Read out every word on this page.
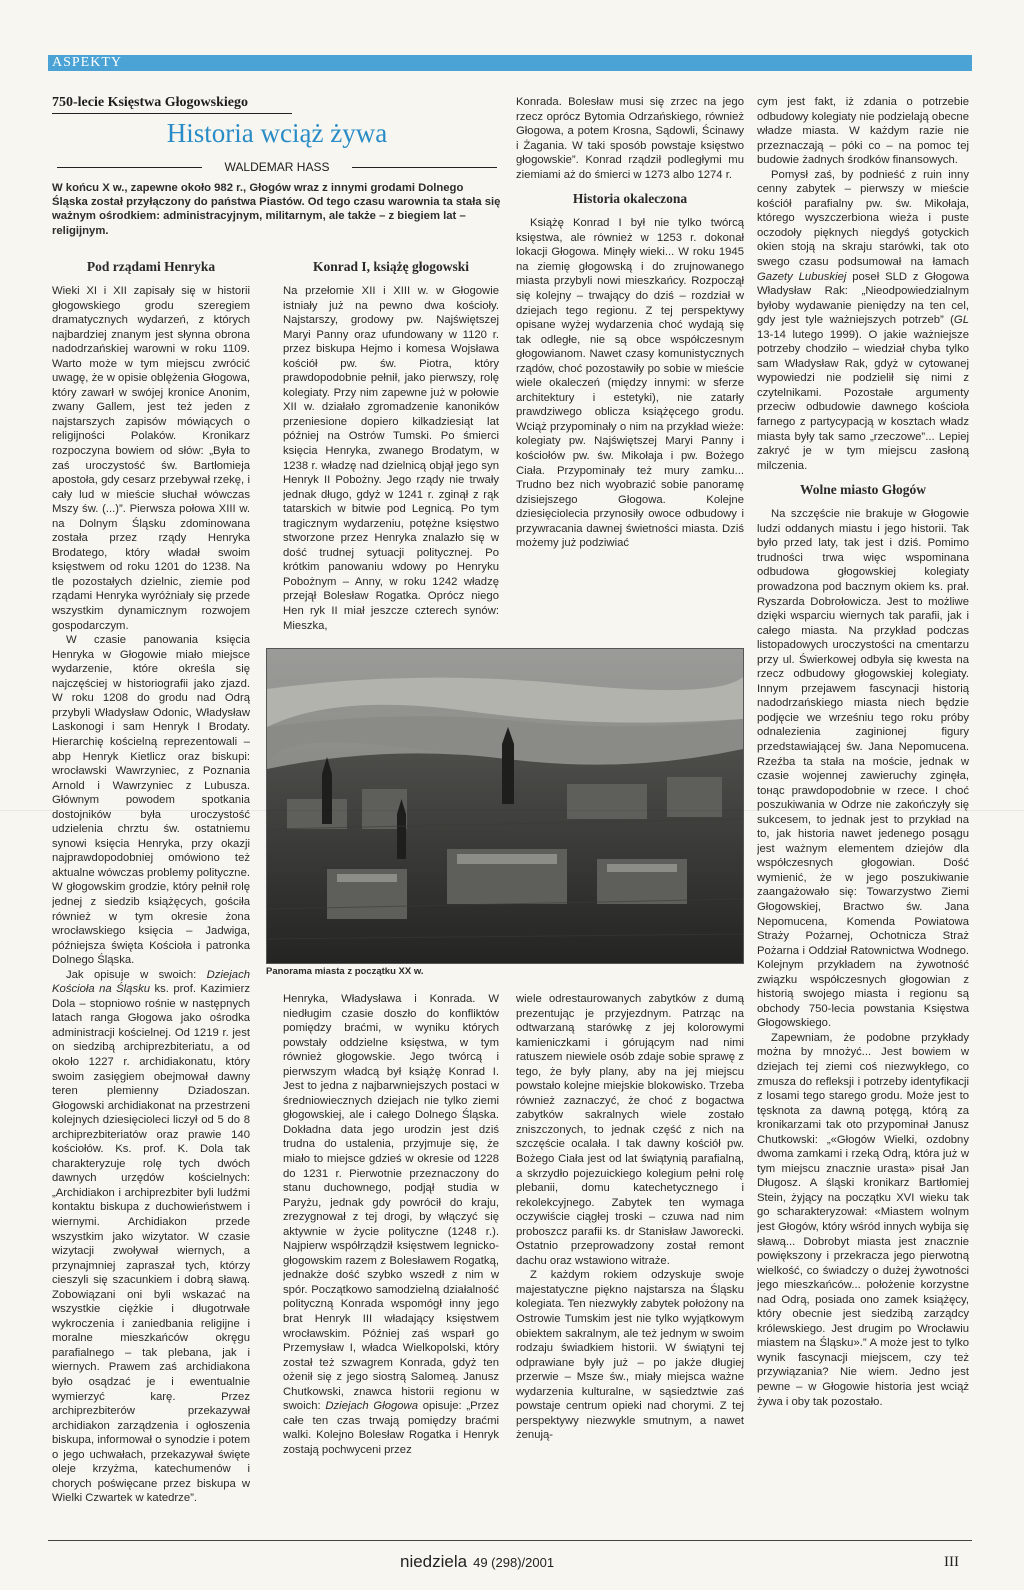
ASPEKTY
750-lecie Księstwa Głogowskiego
Historia wciąż żywa
WALDEMAR HASS
W końcu X w., zapewne około 982 r., Głogów wraz z innymi grodami Dolnego Śląska został przyłączony do państwa Piastów. Od tego czasu warownia ta stała się ważnym ośrodkiem: administracyjnym, militarnym, ale także – z biegiem lat – religijnym.
Pod rządami Henryka

Wieki XI i XII zapisały się w historii głogowskiego grodu szeregiem dramatycznych wydarzeń, z których najbardziej znanym jest słynna obrona nadodrzańskiej warowni w roku 1109. Warto może w tym miejscu zwrócić uwagę, że w opisie oblężenia Głogowa, który zawarł w swójej kronice Anonim, zwany Gallem, jest też jeden z najstarszych zapisów mówiących o religijności Polaków. Kronikarz rozpoczyna bowiem od słów: „Była to zaś uroczystość św. Bartłomieja apostoła, gdy cesarz przebywał rzekę, i cały lud w mieście słuchał wówczas Mszy św. (...)”. Pierwsza połowa XIII w. na Dolnym Śląsku zdominowana została przez rządy Henryka Brodatego, który władał swoim księstwem od roku 1201 do 1238. Na tle pozostałych dzielnic, ziemie pod rządami Henryka wyróżniały się przede wszystkim dynamicznym rozwojem gospodarczym.

W czasie panowania księcia Henryka w Głogowie miało miejsce wydarzenie, które określa się najczęściej w historiografii jako zjazd. W roku 1208 do grodu nad Odrą przybyli Władysław Odonic, Władysław Laskonogi i sam Henryk I Brodaty. Hierarchię kościelną reprezentowali – abp Henryk Kietlicz oraz biskupi: wrocławski Wawrzyniec, z Poznania Arnold i Wawrzyniec z Lubusza. Głównym powodem spotkania dostojników była uroczystość udzielenia chrztu św. ostatniemu synowi księcia Henryka, przy okazji najprawdopodobniej omówiono też aktualne wówczas problemy polityczne. W głogowskim grodzie, który pełnił rolę jednej z siedzib książęcych, gościła również w tym okresie żona wrocławskiego księcia – Jadwiga, późniejsza święta Kościoła i patronka Dolnego Śląska.

Jak opisuje w swoich: Dziejach Kościoła na Śląsku ks. prof. Kazimierz Dola – stopniowo rośnie w następnych latach ranga Głogowa jako ośrodka administracji kościelnej. Od 1219 r. jest on siedzibą archiprezbiteriatu, a od około 1227 r. archidiakonatu, który swoim zasięgiem obejmował dawny teren plemienny Dziadoszan. Głogowski archidiakonat na przestrzeni kolejnych dziesięcioleci liczył od 5 do 8 archiprezbiteriatów oraz prawie 140 kościołów. Ks. prof. K. Dola tak charakteryzuje rolę tych dwóch dawnych urzędów kościelnych: „Archidiakon i archiprezbiter byli ludźmi kontaktu biskupa z duchowieństwem i wiernymi. Archidiakon przede wszystkim jako wizytator. W czasie wizytacji zwoływał wiernych, a przynajmniej zapraszał tych, którzy cieszyli się szacunkiem i dobrą sławą. Zobowiązani oni byli wskazać na wszystkie ciężkie i długotrwałe wykroczenia i zaniedbania religijne i moralne mieszkańców okręgu parafialnego – tak plebana, jak i wiernych. Prawem zaś archidiakona było osądzać je i ewentualnie wymierzyć karę. Przez archiprezbiterów przekazywał archidiakon zarządzenia i ogłoszenia biskupa, informował o synodzie i potem o jego uchwałach, przekazywał święte oleje krzyżma, katechumenów i chorych poświęcane przez biskupa w Wielki Czwartek w katedrze”.

Konrad I, książę głogowski

Na przełomie XII i XIII w. w Głogowie istniały już na pewno dwa kościoły. Najstarszy, grodowy pw. Najświętszej Maryi Panny oraz ufundowany w 1120 r. przez biskupa Hejmo i komesa Wojsława kościół pw. św. Piotra, który prawdopodobnie pełnił, jako pierwszy, rolę kolegiaty. Przy nim zapewne już w połowie XII w. działało zgromadzenie kanoników przeniesione dopiero kilkadziesiąt lat później na Ostrów Tumski. Po śmierci księcia Henryka, zwanego Brodatym, w 1238 r. władzę nad dzielnicą objął jego syn Henryk II Pobożny. Jego rządy nie trwały jednak długo, gdyż w 1241 r. zginął z rąk tatarskich w bitwie pod Legnicą. Po tym tragicznym wydarzeniu, potężne księstwo stworzone przez Henryka znalazło się w dość trudnej sytuacji politycznej. Po krótkim panowaniu wdowy po Henryku Pobożnym – Anny, w roku 1242 władzę przejął Bolesław Rogatka. Oprócz niego Hen ryk II miał jeszcze czterech synów: Mieszka,

Konrada. Bolesław musi się zrzec na jego rzecz oprócz Bytomia Odrzańskiego, również Głogowa, a potem Krosna, Sądowli, Ścinawy i Żagania. W taki sposób powstaje księstwo głogowskie”. Konrad rządził podległymi mu ziemiami aż do śmierci w 1273 albo 1274 r.

Historia okaleczona

Książę Konrad I był nie tylko twórcą księstwa, ale również w 1253 r. dokonał lokacji Głogowa. Minęły wieki... W roku 1945 na ziemię głogowską i do zrujnowanego miasta przybyli nowi mieszkańcy. Rozpoczął się kolejny – trwający do dziś – rozdział w dziejach tego regionu. Z tej perspektywy opisane wyżej wydarzenia choć wydają się tak odległe, nie są obce współczesnym głogowianom. Nawet czasy komunistycznych rządów, choć pozostawiły po sobie w mieście wiele okaleczeń (między innymi: w sferze architektury i estetyki), nie zatarły prawdziwego oblicza książęcego grodu. Wciąż przypominały o nim na przykład wieże: kolegiaty pw. Najświętszej Maryi Panny i kościołów pw. św. Mikołaja i pw. Bożego Ciała. Przypominały też mury zamku... Trudno bez nich wyobrazić sobie panoramę dzisiejszego Głogowa. Kolejne dziesięciolecia przynosiły owoce odbudowy i przywracania dawnej świetności miasta. Dziś możemy już podziwiać

cym jest fakt, iż zdania o potrzebie odbudowy kolegiaty nie podzielają obecne władze miasta. W każdym razie nie przeznaczają – póki co – na pomoc tej budowie żadnych środków finansowych.

Pomysł zaś, by podnieść z ruin inny cenny zabytek – pierwszy w mieście kościół parafialny pw. św. Mikołaja, którego wyszczerbiona wieża i puste oczodoły pięknych niegdyś gotyckich okien stoją na skraju starówki, tak oto swego czasu podsumował na łamach Gazety Lubuskiej poseł SLD z Głogowa Władysław Rak: „Nieodpowiedzialnym byłoby wydawanie pieniędzy na ten cel, gdy jest tyle ważniejszych potrzeb” (GL 13-14 lutego 1999). O jakie ważniejsze potrzeby chodziło – wiedział chyba tylko sam Władysław Rak, gdyż w cytowanej wypowiedzi nie podzielił się nimi z czytelnikami. Pozostałe argumenty przeciw odbudowie dawnego kościoła farnego z partycypacją w kosztach władz miasta były tak samo „rzeczowe”... Lepiej zakryć je w tym miejscu zasłoną milczenia.

Wolne miasto Głogów

Na szczęście nie brakuje w Głogowie ludzi oddanych miastu i jego historii. Tak było przed laty, tak jest i dziś. Pomimo trudności trwa więc wspominana odbudowa głogowskiej kolegiaty prowadzona pod bacznym okiem ks. prał. Ryszarda Dobrołowicza. Jest to możliwe dzięki wsparciu wiernych tak parafii, jak i całego miasta. Na przykład podczas listopadowych uroczystości na cmentarzu przy ul. Świerkowej odbyła się kwesta na rzecz odbudowy głogowskiej kolegiaty. Innym przejawem fascynacji historią nadodrzańskiego miasta niech będzie podjęcie we wrześniu tego roku próby odnalezienia zaginionej figury przedstawiającej św. Jana Nepomucena. Rzeźba ta stała na moście, jednak w czasie wojennej zawieruchy zginęła, toнąc prawdopodobnie w rzece. I choć poszukiwania w Odrze nie zakończyły się sukcesem, to jednak jest to przykład na to, jak historia nawet jedenego posągu jest ważnym elementem dziejów dla współczesnych głogowian. Dość wymienić, że w jego poszukiwanie zaangażowało się: Towarzystwo Ziemi Głogowskiej, Bractwo św. Jana Nepomucena, Komenda Powiatowa Straży Pożarnej, Ochotnicza Straż Pożarna i Oddział Ratownictwa Wodnego. Kolejnym przykładem na żywotność związku współczesnych głogowian z historią swojego miasta i regionu są obchody 750-lecia powstania Księstwa Głogowskiego.

Zapewniam, że podobne przykłady można by mnożyć... Jest bowiem w dziejach tej ziemi coś niezwykłego, co zmusza do refleksji i potrzeby identyfikacji z losami tego starego grodu. Może jest to tęsknota za dawną potęgą, którą za kronikarzami tak oto przypominał Janusz Chutkowski: „«Głogów Wielki, ozdobny dwoma zamkami i rzeką Odrą, która już w tym miejscu znacznie urasta» pisał Jan Długosz. A śląski kronikarz Bartłomiej Stein, żyjący na początku XVI wieku tak go scharakteryzował: «Miastem wolnym jest Głogów, który wśród innych wybija się sławą... Dobrobyt miasta jest znacznie powiększony i przekracza jego pierwotną wielkość, co świadczy o dużej żywotności jego mieszkańców... położenie korzystne nad Odrą, posiada ono zamek książęcy, który obecnie jest siedzibą zarządcy królewskiego. Jest drugim po Wrocławiu miastem na Śląsku».” A może jest to tylko wynik fascynacji miejscem, czy też przywiązania? Nie wiem. Jedno jest pewne – w Głogowie historia jest wciąż żywa i oby tak pozostało.

Panorama miasta z początku XX w.

Henryka, Władysława i Konrada. W niedługim czasie doszło do konfliktów pomiędzy braćmi, w wyniku których powstały oddzielne księstwa, w tym również głogowskie. Jego twórcą i pierwszym władcą był książę Konrad I. Jest to jedna z najbarwniejszych postaci w średniowiecznych dziejach nie tylko ziemi głogowskiej, ale i całego Dolnego Śląska. Dokładna data jego urodzin jest dziś trudna do ustalenia, przyjmuje się, że miało to miejsce gdzieś w okresie od 1228 do 1231 r. Pierwotnie przeznaczony do stanu duchownego, podjął studia w Paryżu, jednak gdy powrócił do kraju, zrezygnował z tej drogi, by włączyć się aktywnie w życie polityczne (1248 r.). Najpierw współrządził księstwem legnicko-głogowskim razem z Bolesławem Rogatką, jednakże dość szybko wszedł z nim w spór. Początkowo samodzielną działalność polityczną Konrada wspomógł inny jego brat Henryk III władający księstwem wrocławskim. Później zaś wsparł go Przemysław I, władca Wielkopolski, który został też szwagrem Konrada, gdyż ten ożenił się z jego siostrą Salomeą. Janusz Chutkowski, znawca historii regionu w swoich: Dziejach Głogowa opisuje: „Przez całe ten czas trwają pomiędzy braćmi walki. Kolejno Bolesław Rogatka i Henryk zostają pochwyceni przez

wiele odrestaurowanych zabytków z dumą prezentując je przyjezdnym. Patrząc na odtwarzaną starówkę z jej kolorowymi kamieniczkami i górującym nad nimi ratuszem niewiele osób zdaje sobie sprawę z tego, że były plany, aby na jej miejscu powstało kolejne miejskie blokowisko. Trzeba również zaznaczyć, że choć z bogactwa zabytków sakralnych wiele zostało zniszczonych, to jednak część z nich na szczęście ocalała. I tak dawny kościół pw. Bożego Ciała jest od lat świątynią parafialną, a skrzydło pojezuickiego kolegium pełni rolę plebanii, domu katechetycznego i rekolekcyjnego. Zabytek ten wymaga oczywiście ciągłej troski – czuwa nad nim proboszcz parafii ks. dr Stanisław Jaworecki. Ostatnio przeprowadzony został remont dachu oraz wstawiono witraże.

Z każdym rokiem odzyskuje swoje majestatyczne piękno najstarsza na Śląsku kolegiata. Ten niezwykły zabytek położony na Ostrowie Tumskim jest nie tylko wyjątkowym obiektem sakralnym, ale też jednym w swoim rodzaju świadkiem historii. W świątyni tej odprawiane były już – po jakże długiej przerwie – Msze św., miały miejsca ważne wydarzenia kulturalne, w sąsiedztwie zaś powstaje centrum opieki nad chorymi. Z tej perspektywy niezwykle smutnym, a nawet żenują-

niedziela 49 (298)/2001	III
